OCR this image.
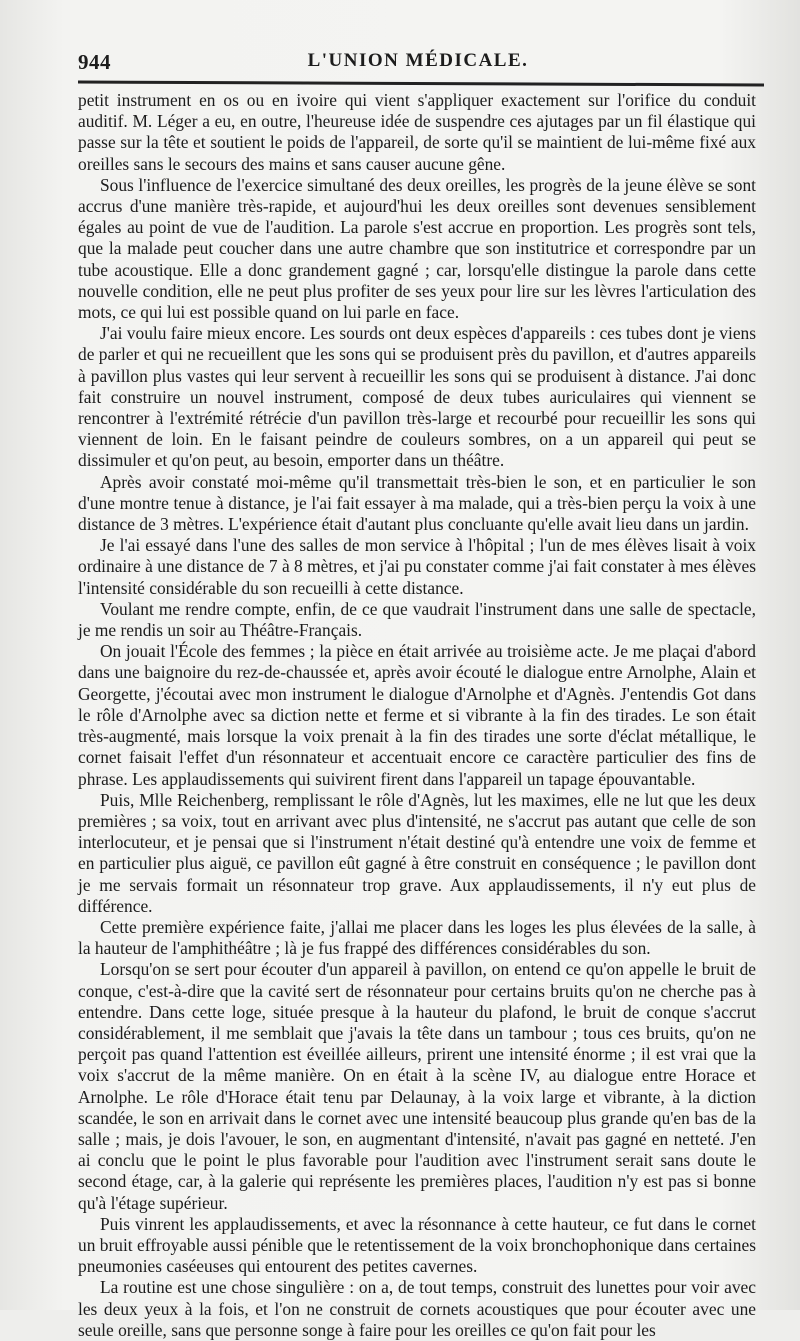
944	L'UNION MÉDICALE.

petit instrument en os ou en ivoire qui vient s'appliquer exactement sur l'orifice du conduit auditif. M. Léger a eu, en outre, l'heureuse idée de suspendre ces ajutages par un fil élastique qui passe sur la tête et soutient le poids de l'appareil, de sorte qu'il se maintient de lui-même fixé aux oreilles sans le secours des mains et sans causer aucune gêne.

Sous l'influence de l'exercice simultané des deux oreilles, les progrès de la jeune élève se sont accrus d'une manière très-rapide, et aujourd'hui les deux oreilles sont devenues sensiblement égales au point de vue de l'audition. La parole s'est accrue en proportion. Les progrès sont tels, que la malade peut coucher dans une autre chambre que son institutrice et correspondre par un tube acoustique. Elle a donc grandement gagné ; car, lorsqu'elle distingue la parole dans cette nouvelle condition, elle ne peut plus profiter de ses yeux pour lire sur les lèvres l'articulation des mots, ce qui lui est possible quand on lui parle en face.

J'ai voulu faire mieux encore. Les sourds ont deux espèces d'appareils : ces tubes dont je viens de parler et qui ne recueillent que les sons qui se produisent près du pavillon, et d'autres appareils à pavillon plus vastes qui leur servent à recueillir les sons qui se produisent à distance. J'ai donc fait construire un nouvel instrument, composé de deux tubes auriculaires qui viennent se rencontrer à l'extrémité rétrécie d'un pavillon très-large et recourbé pour recueillir les sons qui viennent de loin. En le faisant peindre de couleurs sombres, on a un appareil qui peut se dissimuler et qu'on peut, au besoin, emporter dans un théâtre.

Après avoir constaté moi-même qu'il transmettait très-bien le son, et en particulier le son d'une montre tenue à distance, je l'ai fait essayer à ma malade, qui a très-bien perçu la voix à une distance de 3 mètres. L'expérience était d'autant plus concluante qu'elle avait lieu dans un jardin.

Je l'ai essayé dans l'une des salles de mon service à l'hôpital ; l'un de mes élèves lisait à voix ordinaire à une distance de 7 à 8 mètres, et j'ai pu constater comme j'ai fait constater à mes élèves l'intensité considérable du son recueilli à cette distance.

Voulant me rendre compte, enfin, de ce que vaudrait l'instrument dans une salle de spectacle, je me rendis un soir au Théâtre-Français.

On jouait l'École des femmes ; la pièce en était arrivée au troisième acte. Je me plaçai d'abord dans une baignoire du rez-de-chaussée et, après avoir écouté le dialogue entre Arnolphe, Alain et Georgette, j'écoutai avec mon instrument le dialogue d'Arnolphe et d'Agnès. J'entendis Got dans le rôle d'Arnolphe avec sa diction nette et ferme et si vibrante à la fin des tirades. Le son était très-augmenté, mais lorsque la voix prenait à la fin des tirades une sorte d'éclat métallique, le cornet faisait l'effet d'un résonnateur et accentuait encore ce caractère particulier des fins de phrase. Les applaudissements qui suivirent firent dans l'appareil un tapage épouvantable.

Puis, Mlle Reichenberg, remplissant le rôle d'Agnès, lut les maximes, elle ne lut que les deux premières ; sa voix, tout en arrivant avec plus d'intensité, ne s'accrut pas autant que celle de son interlocuteur, et je pensai que si l'instrument n'était destiné qu'à entendre une voix de femme et en particulier plus aiguë, ce pavillon eût gagné à être construit en conséquence ; le pavillon dont je me servais formait un résonnateur trop grave. Aux applaudissements, il n'y eut plus de différence.

Cette première expérience faite, j'allai me placer dans les loges les plus élevées de la salle, à la hauteur de l'amphithéâtre ; là je fus frappé des différences considérables du son.

Lorsqu'on se sert pour écouter d'un appareil à pavillon, on entend ce qu'on appelle le bruit de conque, c'est-à-dire que la cavité sert de résonnateur pour certains bruits qu'on ne cherche pas à entendre. Dans cette loge, située presque à la hauteur du plafond, le bruit de conque s'accrut considérablement, il me semblait que j'avais la tête dans un tambour ; tous ces bruits, qu'on ne perçoit pas quand l'attention est éveillée ailleurs, prirent une intensité énorme ; il est vrai que la voix s'accrut de la même manière. On en était à la scène IV, au dialogue entre Horace et Arnolphe. Le rôle d'Horace était tenu par Delaunay, à la voix large et vibrante, à la diction scandée, le son en arrivait dans le cornet avec une intensité beaucoup plus grande qu'en bas de la salle ; mais, je dois l'avouer, le son, en augmentant d'intensité, n'avait pas gagné en netteté. J'en ai conclu que le point le plus favorable pour l'audition avec l'instrument serait sans doute le second étage, car, à la galerie qui représente les premières places, l'audition n'y est pas si bonne qu'à l'étage supérieur.

Puis vinrent les applaudissements, et avec la résonnance à cette hauteur, ce fut dans le cornet un bruit effroyable aussi pénible que le retentissement de la voix bronchophonique dans certaines pneumonies caséeuses qui entourent des petites cavernes.

La routine est une chose singulière : on a, de tout temps, construit des lunettes pour voir avec les deux yeux à la fois, et l'on ne construit de cornets acoustiques que pour écouter avec une seule oreille, sans que personne songe à faire pour les oreilles ce qu'on fait pour les
